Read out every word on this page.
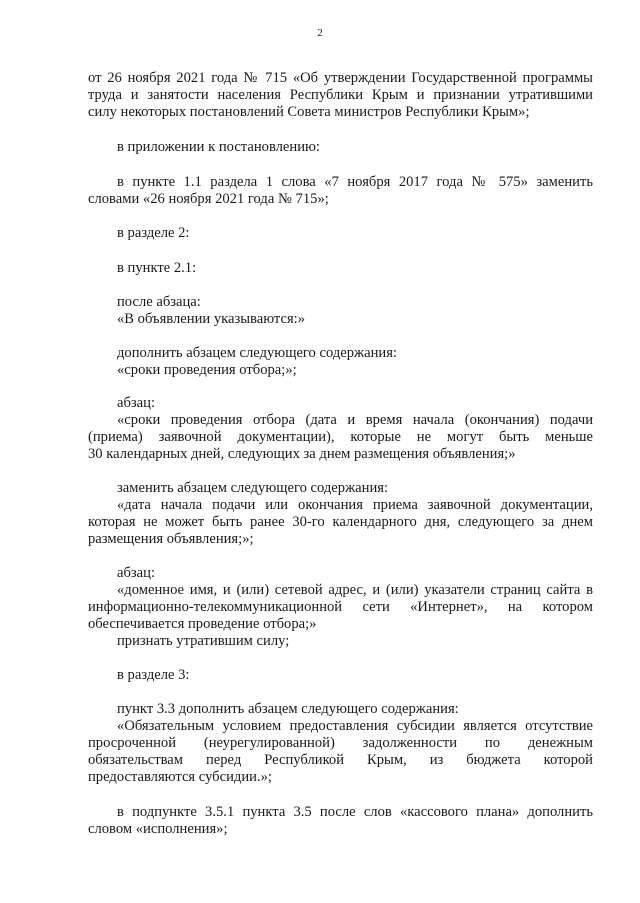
2
от 26 ноября 2021 года № 715 «Об утверждении Государственной программы
труда и занятости населения Республики Крым и признании утратившими
силу некоторых постановлений Совета министров Республики Крым»;
в приложении к постановлению:
в пункте 1.1 раздела 1 слова «7 ноября 2017 года № 575» заменить
словами «26 ноября 2021 года № 715»;
в разделе 2:
в пункте 2.1:
после абзаца:
«В объявлении указываются:»
дополнить абзацем следующего содержания:
«сроки проведения отбора;»;
абзац:
«сроки проведения отбора (дата и время начала (окончания) подачи
(приема) заявочной документации), которые не могут быть меньше
30 календарных дней, следующих за днем размещения объявления;»
заменить абзацем следующего содержания:
«дата начала подачи или окончания приема заявочной документации,
которая не может быть ранее 30-го календарного дня, следующего за днем
размещения объявления;»;
абзац:
«доменное имя, и (или) сетевой адрес, и (или) указатели страниц сайта в
информационно-телекоммуникационной сети «Интернет», на котором
обеспечивается проведение отбора;»
признать утратившим силу;
в разделе 3:
пункт 3.3 дополнить абзацем следующего содержания:
«Обязательным условием предоставления субсидии является отсутствие
просроченной (неурегулированной) задолженности по денежным
обязательствам перед Республикой Крым, из бюджета которой
предоставляются субсидии.»;
в подпункте 3.5.1 пункта 3.5 после слов «кассового плана» дополнить
словом «исполнения»;
